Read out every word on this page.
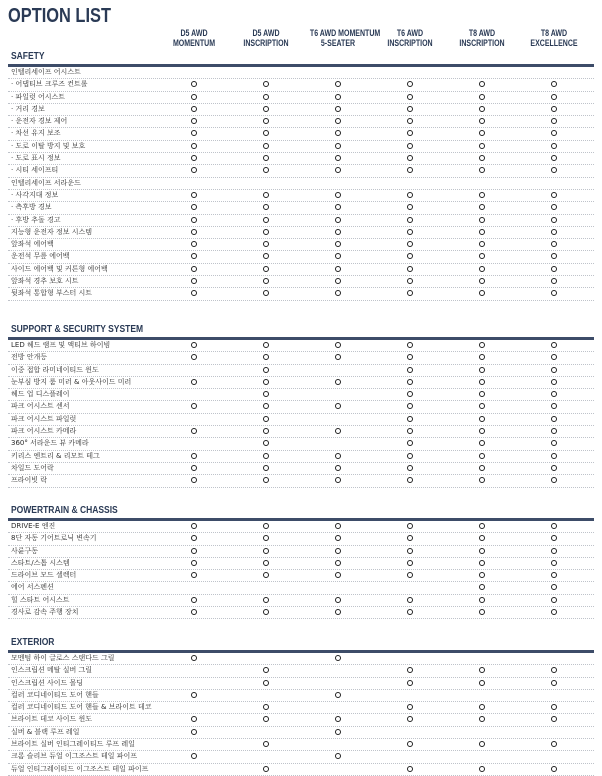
OPTION LIST
D5 AWD
MOMENTUM
D5 AWD
INSCRIPTION
T6 AWD MOMENTUM
5-SEATER
T6 AWD
INSCRIPTION
T8 AWD
INSCRIPTION
T8 AWD
EXCELLENCE
SAFETY
인텔리세이프 어시스트
· 어댑티브 크루즈 컨트롤
· 파일럿 어시스트
· 거리 경보
· 운전자 경보 제어
· 차선 유지 보조
· 도로 이탈 방지 및 보호
· 도로 표시 정보
· 시티 세이프티
인텔리세이프 서라운드
· 사각지대 정보
· 측후방 경보
· 후방 추돌 경고
지능형 운전자 정보 시스템
앞좌석 에어백
운전석 무릎 에어백
사이드 에어백 및 커튼형 에어백
앞좌석 경추 보호 시트
뒷좌석 통합형 부스터 시트
SUPPORT & SECURITY SYSTEM
LED 헤드 램프 및 액티브 하이빔
전방 안개등
이중 접합 라미네이티드 윈도
눈부심 방지 룸 미러 & 아웃사이드 미러
헤드 업 디스플레이
파크 어시스트 센서
파크 어시스트 파일럿
파크 어시스트 카메라
360° 서라운드 뷰 카메라
키리스 엔트리 & 리모트 테그
차일드 도어락
프라이빗 락
POWERTRAIN & CHASSIS
DRIVE-E 엔진
8단 자동 기어트로닉 변속기
사륜구동
스타트/스톱 시스템
드라이브 모드 셀렉터
에어 서스펜션
힐 스타트 어시스트
경사로 감속 주행 장치
EXTERIOR
모멘텀 하이 글로스 스탠다드 그릴
인스크립션 메탈 실버 그릴
인스크립션 사이드 몰딩
컬러 코디네이티드 도어 핸들
컬러 코디네이티드 도어 핸들 & 브라이트 데코
브라이트 데코 사이드 윈도
실버 & 블랙 루프 레일
브라이트 실버 인티그레이티드 루프 레일
크롬 슬리브 듀얼 이그조스트 테일 파이프
듀얼 인티그레이티드 이그조스트 테일 파이프
